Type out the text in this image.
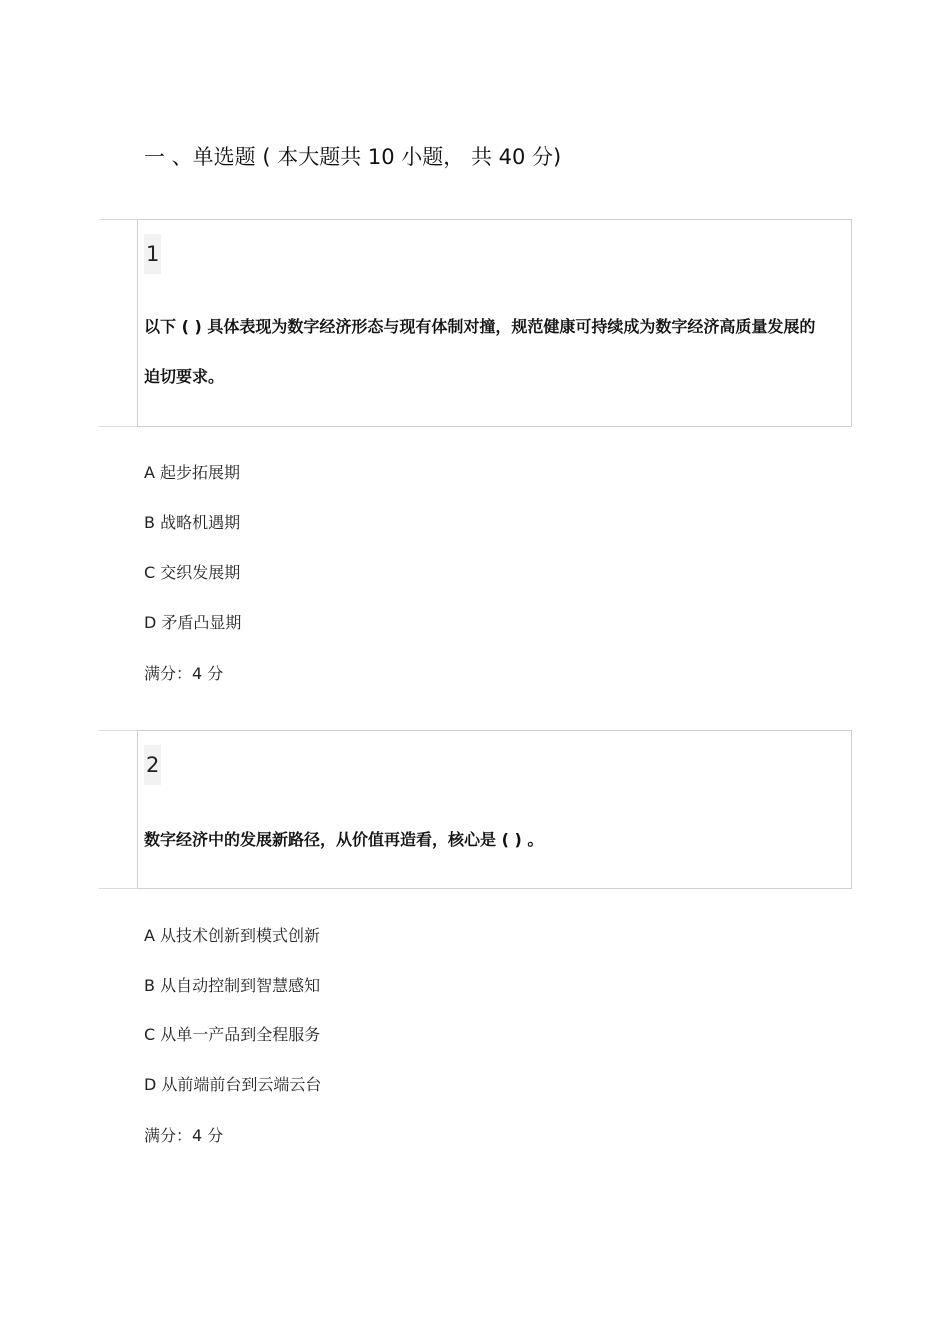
一 、单选题 ( 本大题共 10 小题， 共 40 分)
1
以下 ( ) 具体表现为数字经济形态与现有体制对撞，规范健康可持续成为数字经济高质量发展的迫切要求。
A 起步拓展期
B 战略机遇期
C 交织发展期
D 矛盾凸显期
满分：4 分
2
数字经济中的发展新路径，从价值再造看，核心是 ( ) 。
A 从技术创新到模式创新
B 从自动控制到智慧感知
C 从单一产品到全程服务
D 从前端前台到云端云台
满分：4 分
